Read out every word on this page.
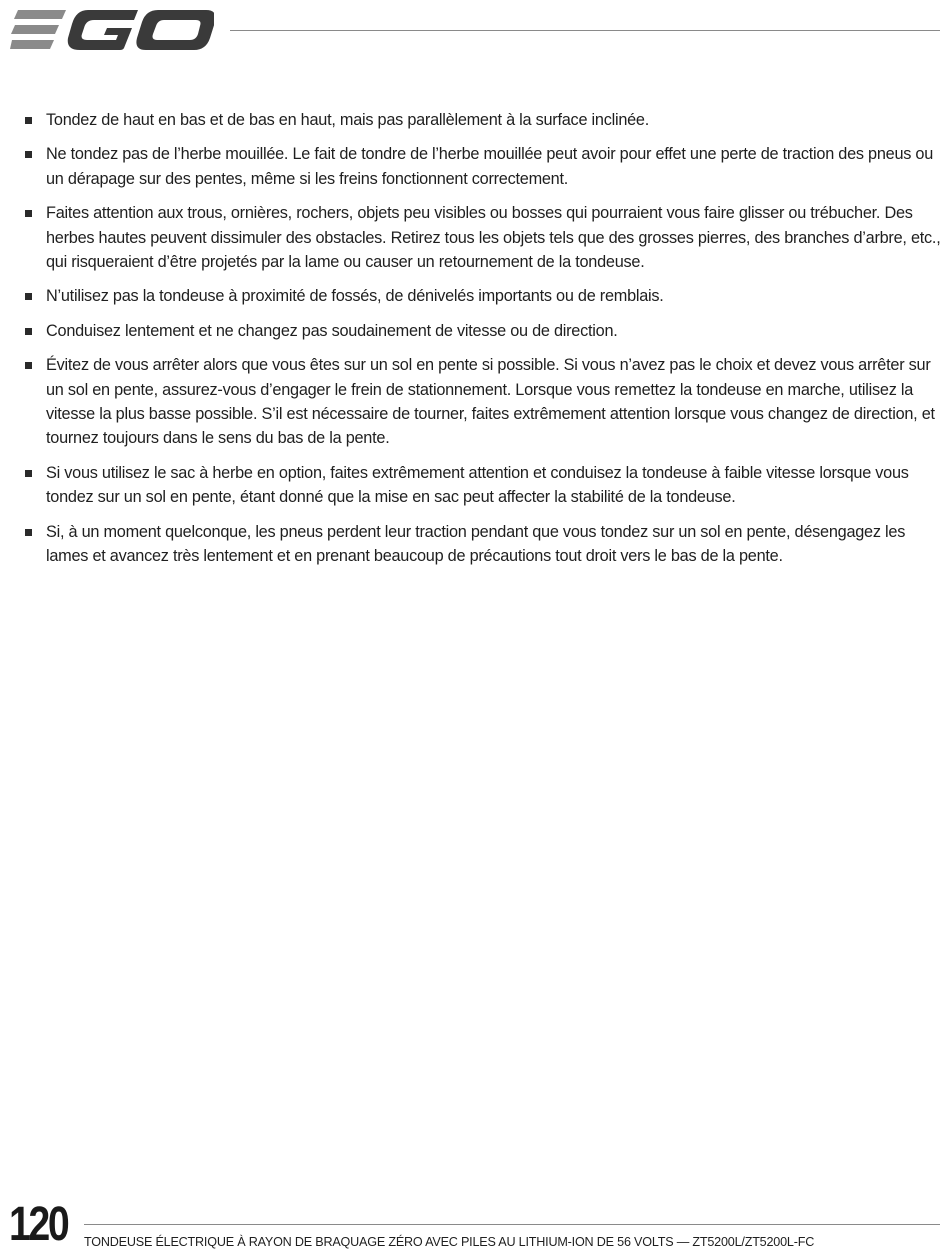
Tondez de haut en bas et de bas en haut, mais pas parallèlement à la surface inclinée.
Ne tondez pas de l’herbe mouillée. Le fait de tondre de l’herbe mouillée peut avoir pour effet une perte de traction des pneus ou un dérapage sur des pentes, même si les freins fonctionnent correctement.
Faites attention aux trous, ornières, rochers, objets peu visibles ou bosses qui pourraient vous faire glisser ou trébucher. Des herbes hautes peuvent dissimuler des obstacles. Retirez tous les objets tels que des grosses pierres, des branches d’arbre, etc., qui risqueraient d’être projetés par la lame ou causer un retournement de la tondeuse.
N’utilisez pas la tondeuse à proximité de fossés, de dénivelés importants ou de remblais.
Conduisez lentement et ne changez pas soudainement de vitesse ou de direction.
Évitez de vous arrêter alors que vous êtes sur un sol en pente si possible. Si vous n’avez pas le choix et devez vous arrêter sur un sol en pente, assurez-vous d’engager le frein de stationnement. Lorsque vous remettez la tondeuse en marche, utilisez la vitesse la plus basse possible. S’il est nécessaire de tourner, faites extrêmement attention lorsque vous changez de direction, et tournez toujours dans le sens du bas de la pente.
Si vous utilisez le sac à herbe en option, faites extrêmement attention et conduisez la tondeuse à faible vitesse lorsque vous tondez sur un sol en pente, étant donné que la mise en sac peut affecter la stabilité de la tondeuse.
Si, à un moment quelconque, les pneus perdent leur traction pendant que vous tondez sur un sol en pente, désengagez les lames et avancez très lentement et en prenant beaucoup de précautions tout droit vers le bas de la pente.
120 TONDEUSE ÉLECTRIQUE À RAYON DE BRAQUAGE ZÉRO AVEC PILES AU LITHIUM-ION DE 56 VOLTS — ZT5200L/ZT5200L-FC
